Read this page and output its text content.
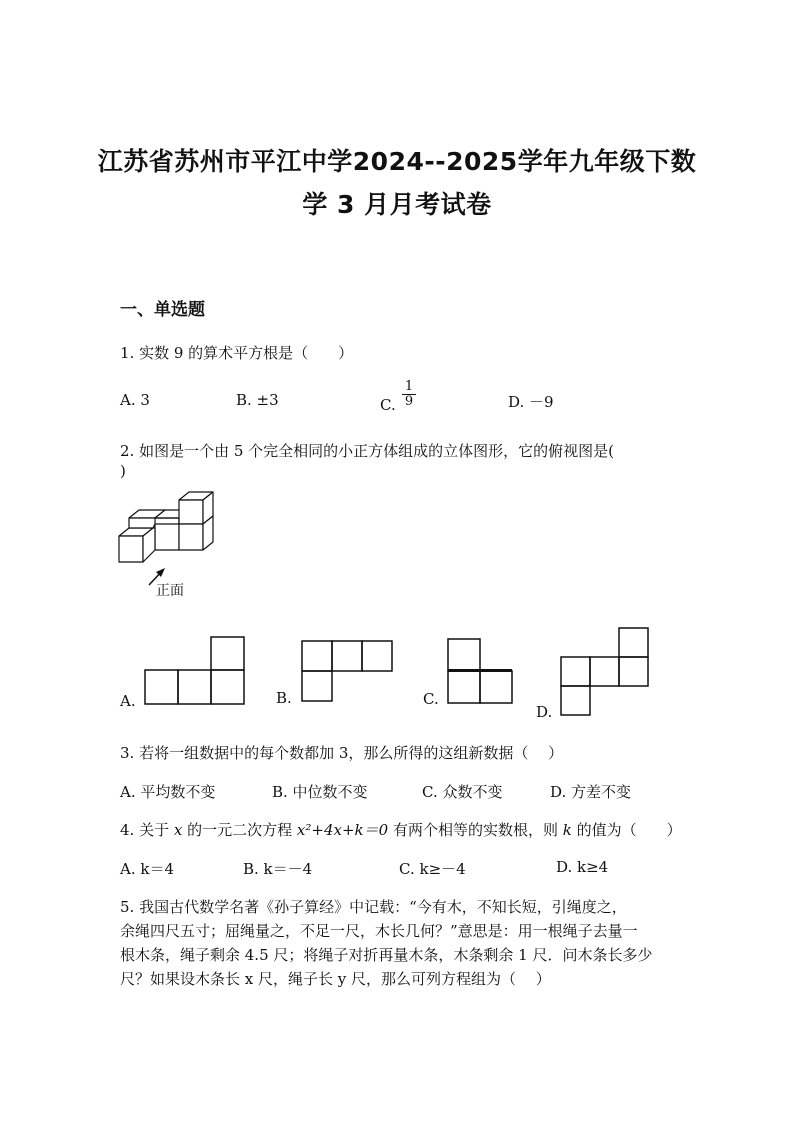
江苏省苏州市平江中学2024--2025学年九年级下数
学 3 月月考试卷
一、单选题
1. 实数 9 的算术平方根是（　　）
A. 3	B. ±3	C. $\frac{1}{9}$	D. －9
2. 如图是一个由 5 个完全相同的小正方体组成的立体图形，它的俯视图是(
)
正面
A.	B.	C.
D.
3. 若将一组数据中的每个数都加 3，那么所得的这组新数据（　 ）
A. 平均数不变	B. 中位数不变	C. 众数不变	D. 方差不变
4. 关于 x 的一元二次方程 x²+4x+k＝0 有两个相等的实数根，则 k 的值为（　　）
A. k＝4	B. k＝－4	C. k≥－4	D. k≥4
5. 我国古代数学名著《孙子算经》中记载：“今有木，不知长短，引绳度之，
余绳四尺五寸；屈绳量之，不足一尺，木长几何？”意思是：用一根绳子去量一
根木条，绳子剩余 4.5 尺；将绳子对折再量木条，木条剩余 1 尺．问木条长多少
尺？如果设木条长 x 尺，绳子长 y 尺，那么可列方程组为（　 ）
